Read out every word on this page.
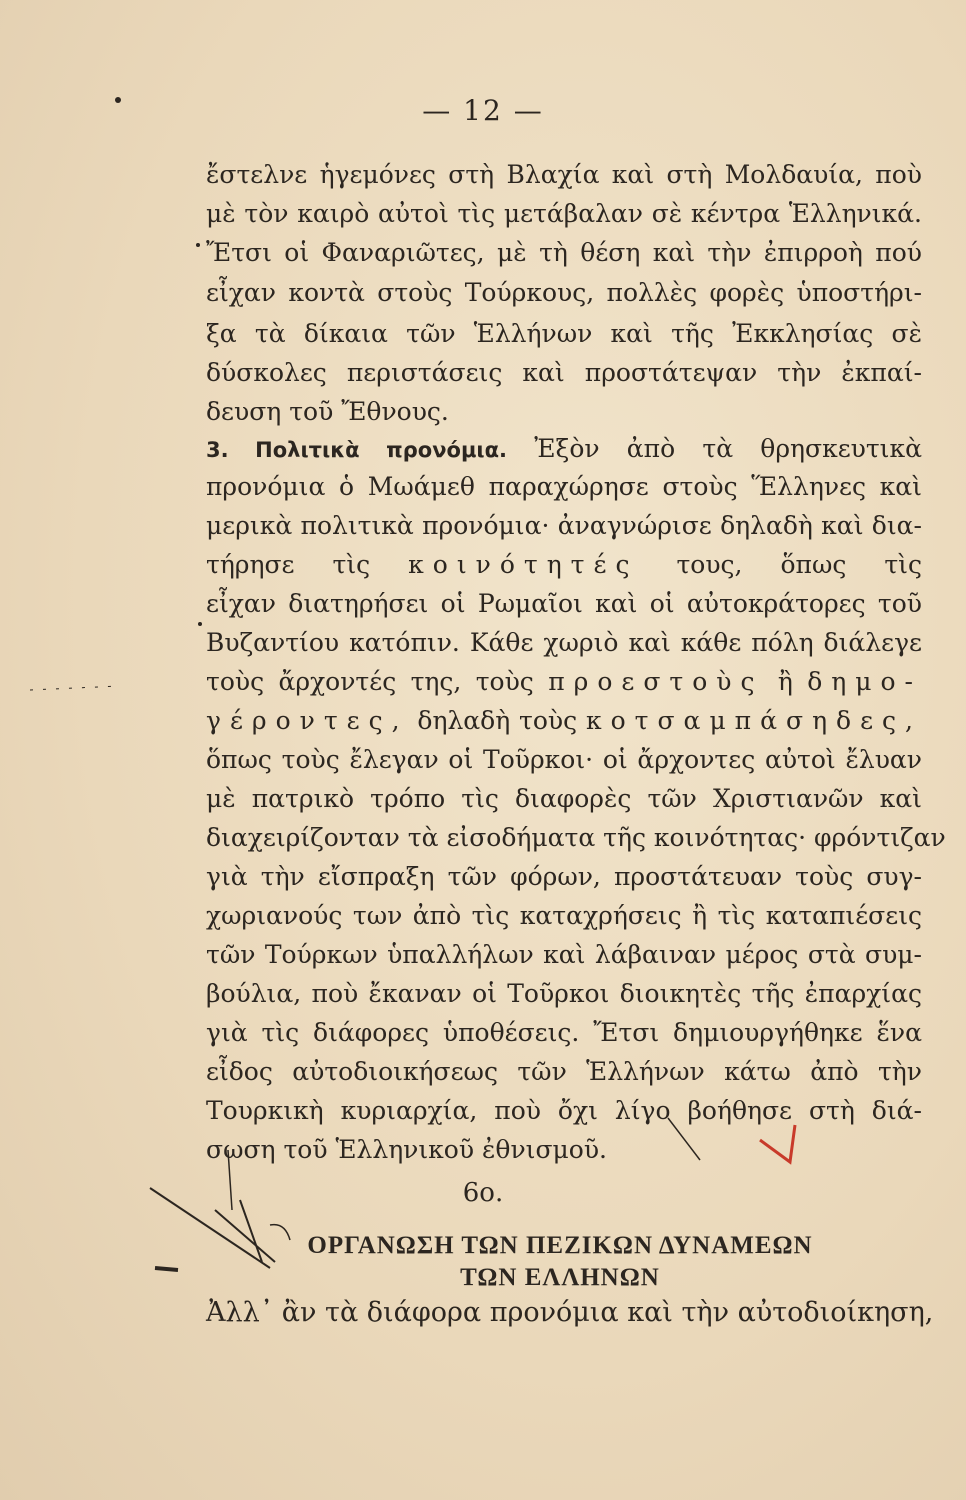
— 12 —
ἔστελνε ἡγεμόνες στὴ Βλαχία καὶ στὴ Μολδαυία, ποὺ
μὲ τὸν καιρὸ αὐτοὶ τὶς μετάβαλαν σὲ κέντρα Ἑλληνικά.
Ἔτσι οἱ Φαναριῶτες, μὲ τὴ θέση καὶ τὴν ἐπιρροὴ πού
εἶχαν κοντὰ στοὺς Τούρκους, πολλὲς φορὲς ὑποστήρι-
ξα τὰ δίκαια τῶν Ἑλλήνων καὶ τῆς Ἐκκλησίας σὲ
δύσκολες περιστάσεις καὶ προστάτεψαν τὴν ἐκπαί-
δευση τοῦ Ἔθνους.
3. Πολιτικὰ προνόμια. Ἐξὸν ἀπὸ τὰ θρησκευτικὰ
προνόμια ὁ Μωάμεθ παραχώρησε στοὺς Ἕλληνες καὶ
μερικὰ πολιτικὰ προνόμια· ἀναγνώρισε δηλαδὴ καὶ δια-
τήρησε τὶς κοινότητές τους, ὅπως τὶς
εἶχαν διατηρήσει οἱ Ρωμαῖοι καὶ οἱ αὐτοκράτορες τοῦ
Βυζαντίου κατόπιν. Κάθε χωριὸ καὶ κάθε πόλη διάλεγε
τοὺς ἄρχοντές της, τοὺς προεστοὺς ἢ δημο-
γέροντες, δηλαδὴ τοὺς κοτσαμπάσηδες,
ὅπως τοὺς ἔλεγαν οἱ Τοῦρκοι· οἱ ἄρχοντες αὐτοὶ ἔλυαν
μὲ πατρικὸ τρόπο τὶς διαφορὲς τῶν Χριστιανῶν καὶ
διαχειρίζονταν τὰ εἰσοδήματα τῆς κοινότητας· φρόντιζαν
γιὰ τὴν εἴσπραξη τῶν φόρων, προστάτευαν τοὺς συγ-
χωριανούς των ἀπὸ τὶς καταχρήσεις ἢ τὶς καταπιέσεις
τῶν Τούρκων ὑπαλλήλων καὶ λάβαιναν μέρος στὰ συμ-
βούλια, ποὺ ἔκαναν οἱ Τοῦρκοι διοικητὲς τῆς ἐπαρχίας
γιὰ τὶς διάφορες ὑποθέσεις. Ἔτσι δημιουργήθηκε ἕνα
εἶδος αὐτοδιοικήσεως τῶν Ἑλλήνων κάτω ἀπὸ τὴν
Τουρκικὴ κυριαρχία, ποὺ ὄχι λίγο βοήθησε στὴ διά-
σωση τοῦ Ἑλληνικοῦ ἐθνισμοῦ.
6ο.
ΟΡΓΑΝΩΣΗ ΤΩΝ ΠΕΖΙΚΩΝ ΔΥΝΑΜΕΩΝ
ΤΩΝ ΕΛΛΗΝΩΝ
Ἀλλ᾽ ἂν τὰ διάφορα προνόμια καὶ τὴν αὐτοδιοίκηση,
